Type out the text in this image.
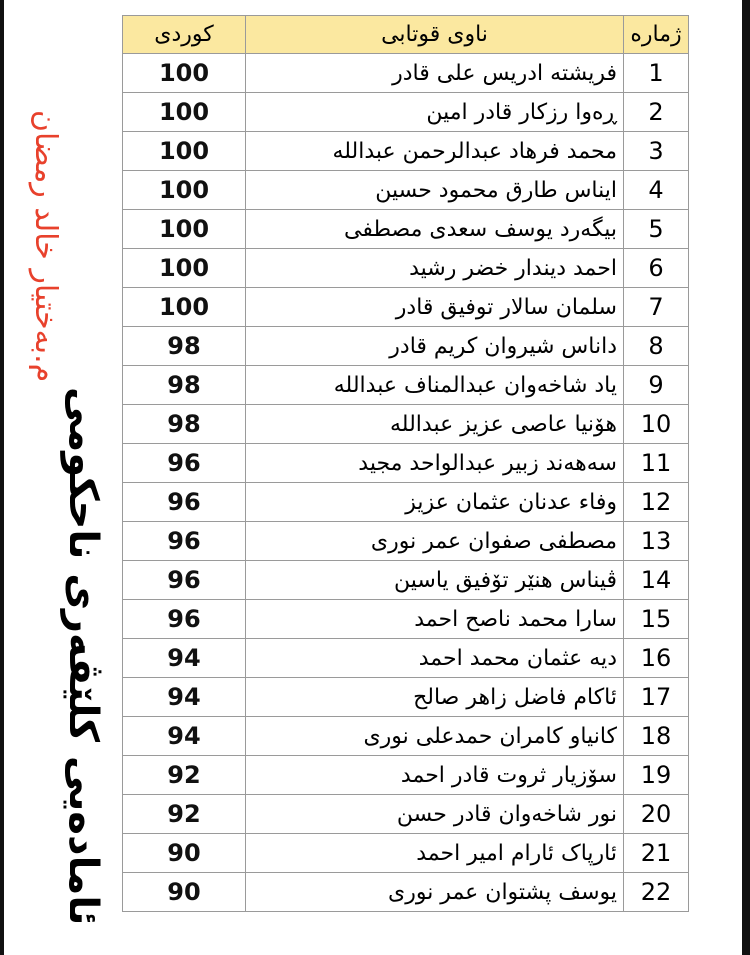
م.بەختیار خالد رمضان
ئامادەیی کلێڤەری ناحکومی
کوردی	ناوی قوتابی	ژمارە
100	فریشتە ادریس علی قادر	1
100	ڕەوا رزکار قادر امین	2
100	محمد فرهاد عبدالرحمن عبدالله	3
100	ایناس طارق محمود حسین	4
100	بیگەرد یوسف سعدی مصطفی	5
100	احمد دیندار خضر رشید	6
100	سلمان سالار توفیق قادر	7
98	داناس شیروان کریم قادر	8
98	یاد شاخەوان عبدالمناف عبدالله	9
98	هۆنیا عاصی عزیز عبدالله	10
96	سەهەند زبیر عبدالواحد مجید	11
96	وفاء عدنان عثمان عزیز	12
96	مصطفی صفوان عمر نوری	13
96	ڤیناس هنێر تۆفیق یاسین	14
96	سارا محمد ناصح احمد	15
94	دیە عثمان محمد احمد	16
94	ئاکام فاضل زاهر صالح	17
94	کانیاو کامران حمدعلی نوری	18
92	سۆزیار ثروت قادر احمد	19
92	نور شاخەوان قادر حسن	20
90	ئارپاک ئارام امیر احمد	21
90	یوسف پشتوان عمر نوری	22
